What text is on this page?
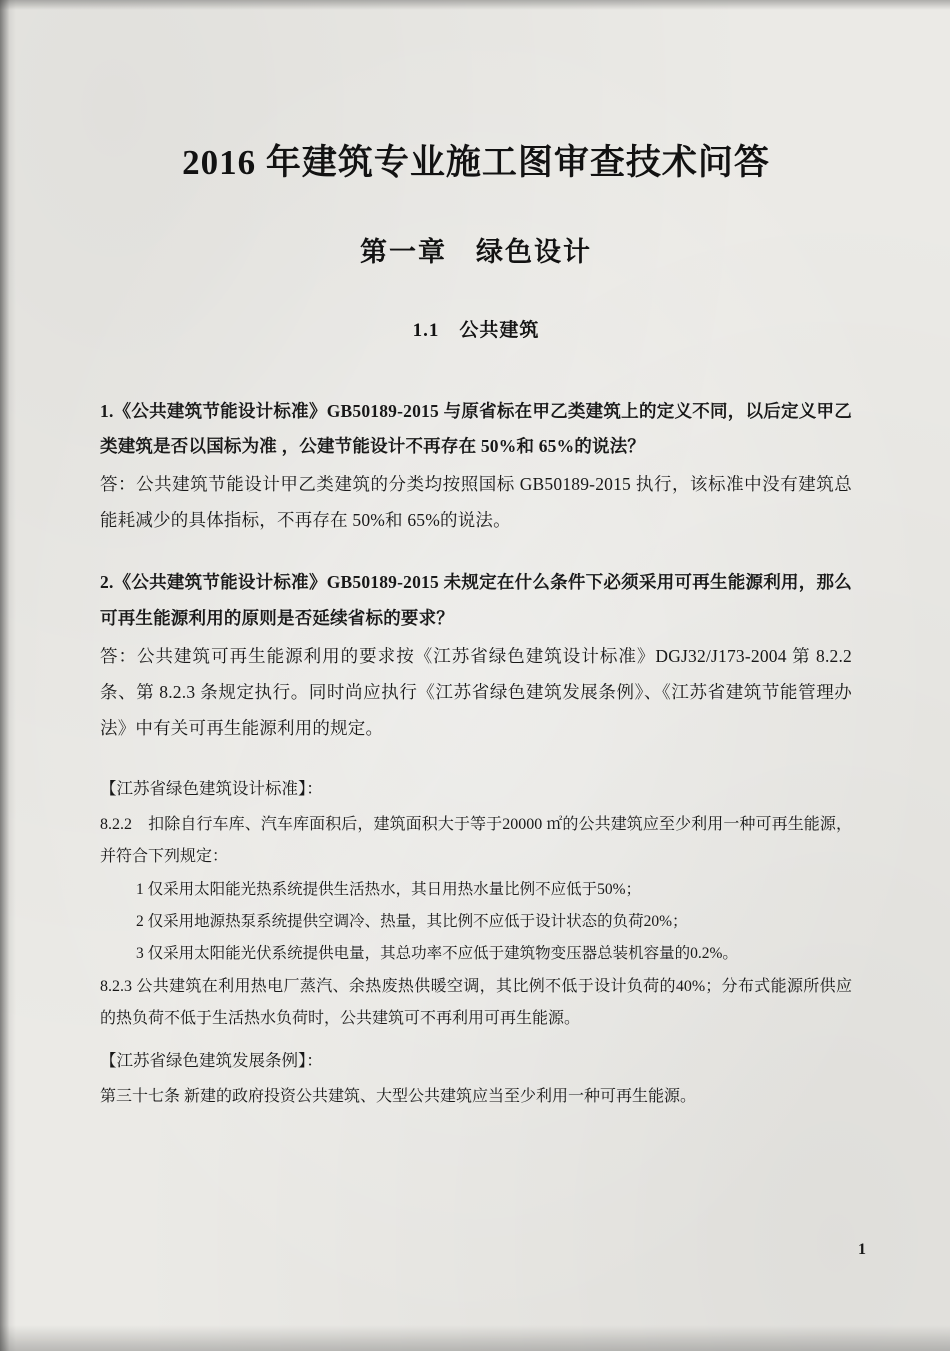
2016 年建筑专业施工图审查技术问答
第一章　绿色设计
1.1　公共建筑

1.《公共建筑节能设计标准》GB50189-2015 与原省标在甲乙类建筑上的定义不同，以后定义甲乙类建筑是否以国标为准 ，公建节能设计不再存在 50%和 65%的说法？

答：公共建筑节能设计甲乙类建筑的分类均按照国标 GB50189-2015 执行，该标准中没有建筑总能耗减少的具体指标，不再存在 50%和 65%的说法。

2.《公共建筑节能设计标准》GB50189-2015 未规定在什么条件下必须采用可再生能源利用，那么可再生能源利用的原则是否延续省标的要求？

答：公共建筑可再生能源利用的要求按《江苏省绿色建筑设计标准》DGJ32/J173-2004 第 8.2.2 条、第 8.2.3 条规定执行。同时尚应执行《江苏省绿色建筑发展条例》、《江苏省建筑节能管理办法》中有关可再生能源利用的规定。

【江苏省绿色建筑设计标准】：

8.2.2　扣除自行车库、汽车库面积后，建筑面积大于等于20000 ㎡的公共建筑应至少利用一种可再生能源，并符合下列规定：

1 仅采用太阳能光热系统提供生活热水，其日用热水量比例不应低于50%；

2 仅采用地源热泵系统提供空调冷、热量，其比例不应低于设计状态的负荷20%；

3 仅采用太阳能光伏系统提供电量，其总功率不应低于建筑物变压器总装机容量的0.2%。

8.2.3 公共建筑在利用热电厂蒸汽、余热废热供暖空调，其比例不低于设计负荷的40%；分布式能源所供应的热负荷不低于生活热水负荷时，公共建筑可不再利用可再生能源。

【江苏省绿色建筑发展条例】：

第三十七条 新建的政府投资公共建筑、大型公共建筑应当至少利用一种可再生能源。

1
